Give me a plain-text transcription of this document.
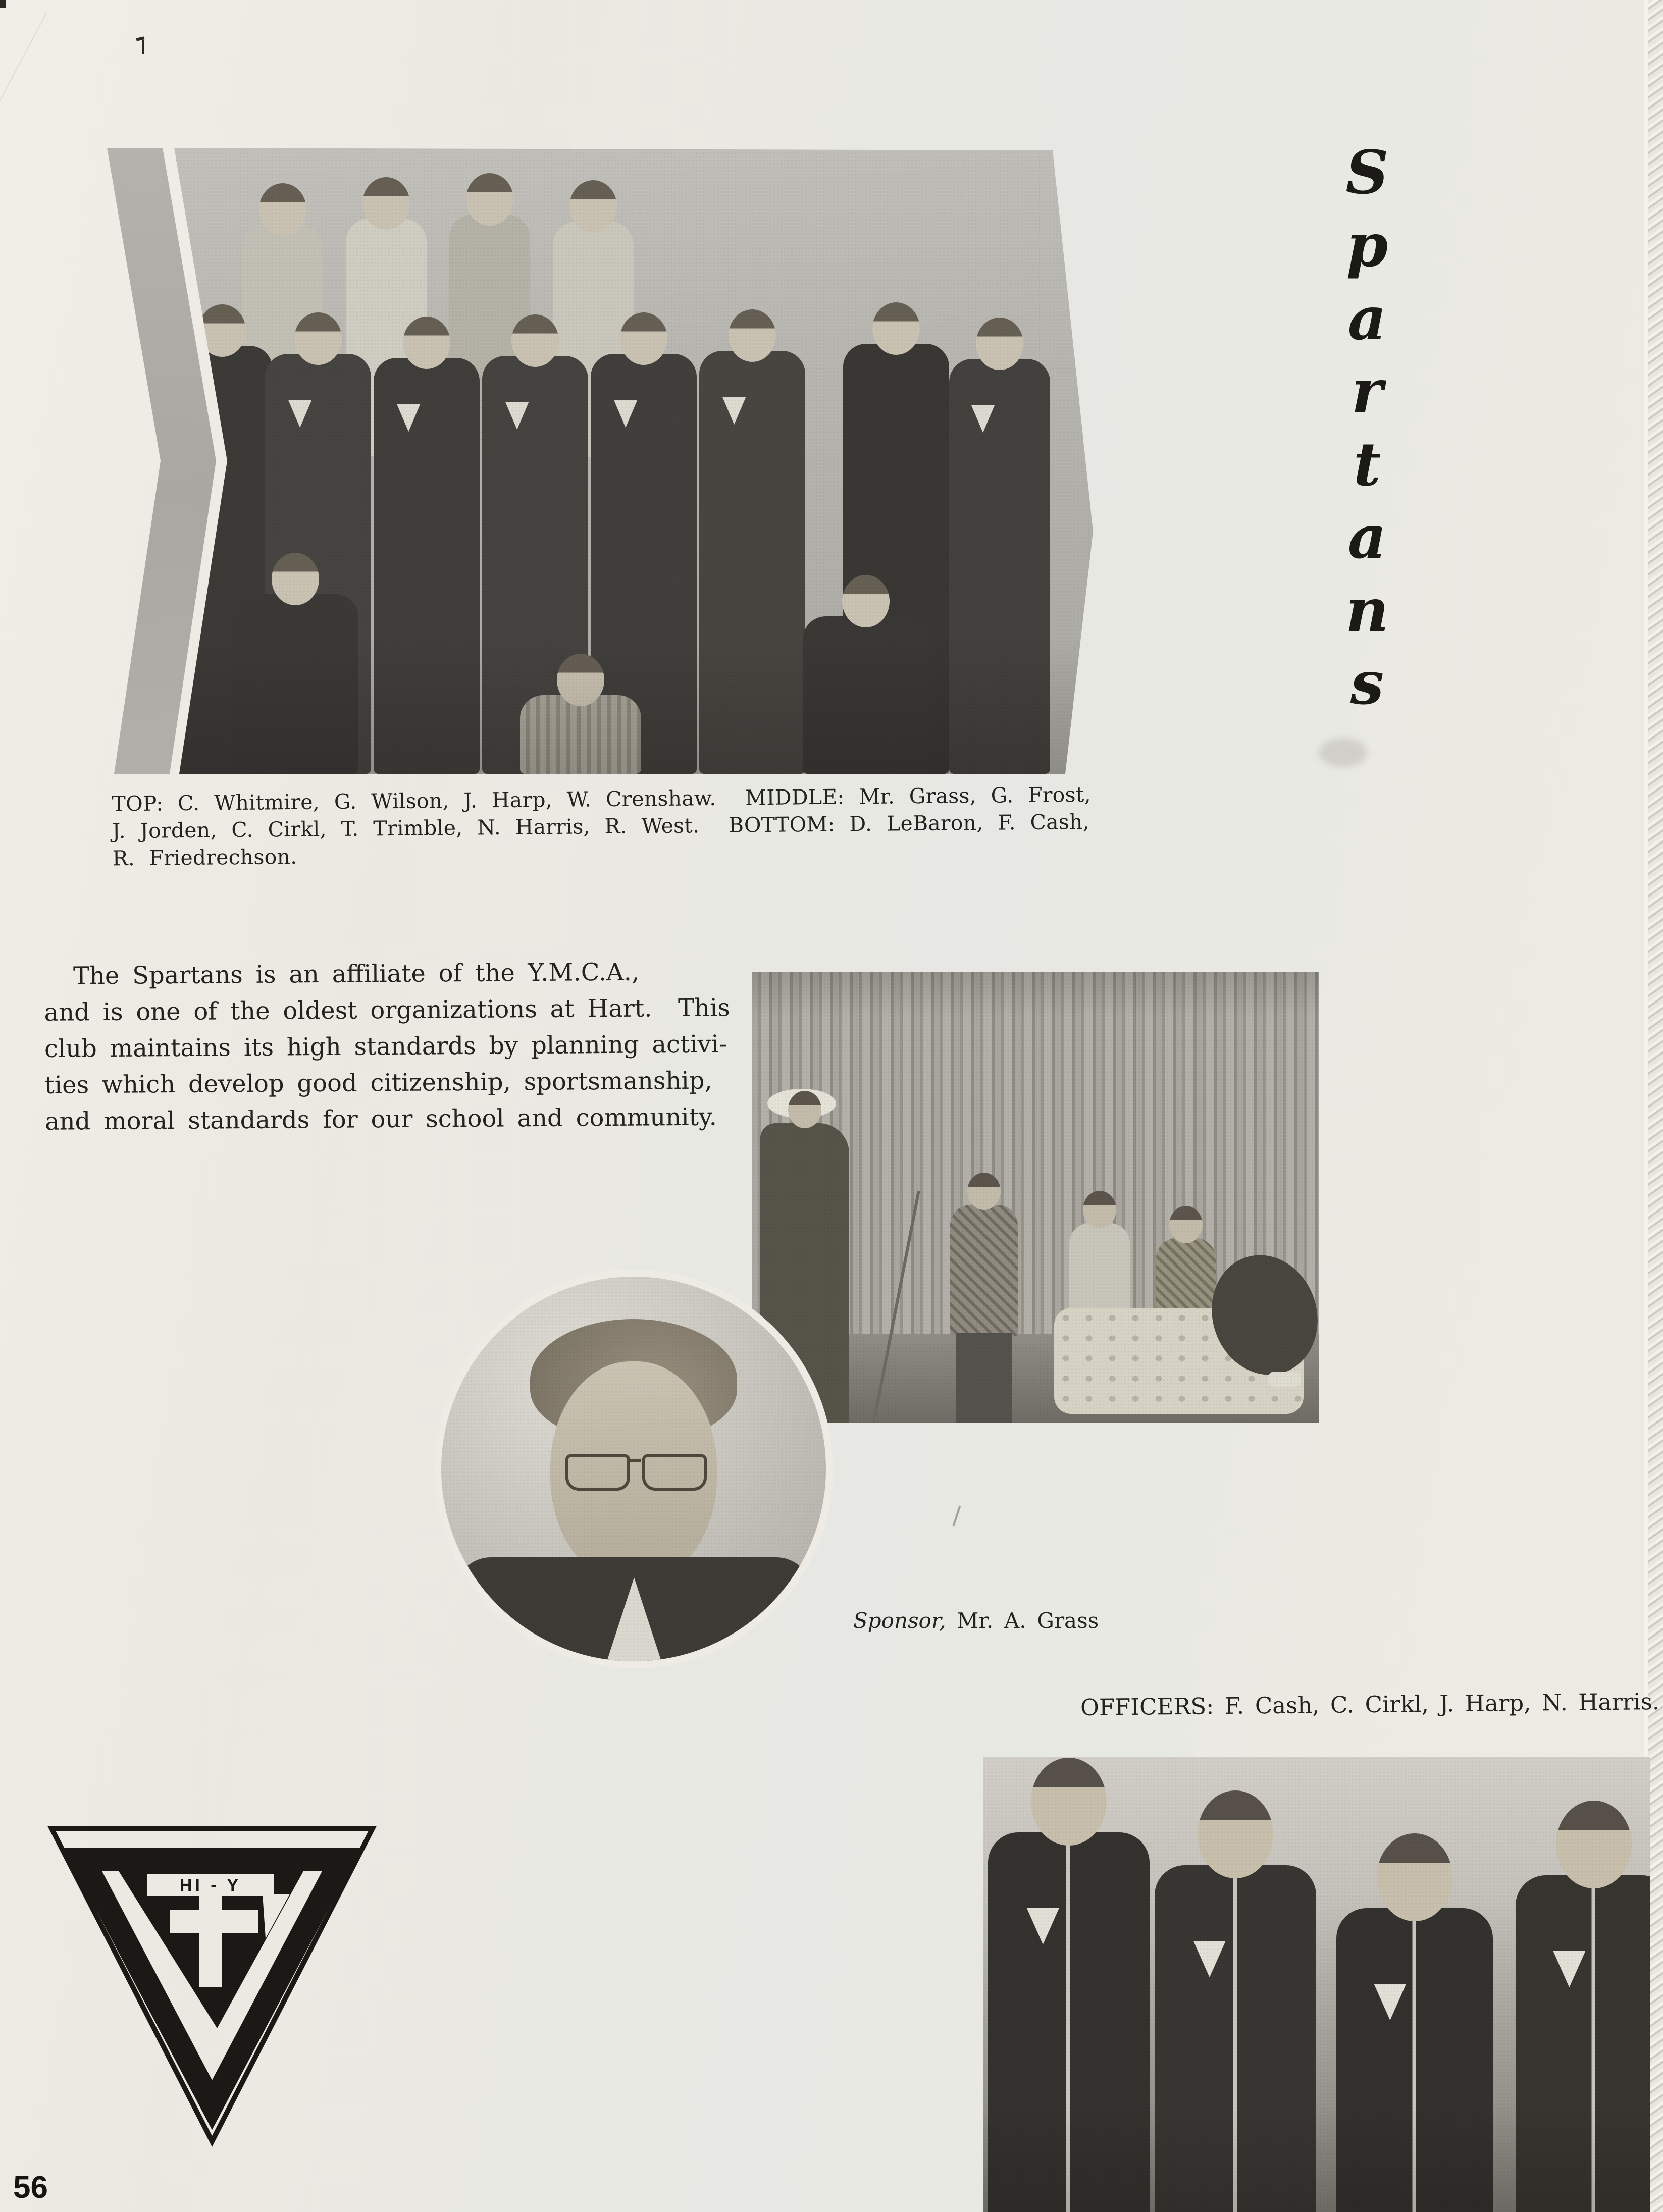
TOP: C. Whitmire, G. Wilson, J. Harp, W. Crenshaw.  MIDDLE: Mr. Grass, G. Frost,
J. Jorden, C. Cirkl, T. Trimble, N. Harris, R. West.  BOTTOM: D. LeBaron, F. Cash,
R. Friedrechson.
S
p
a
r
t
a
n
s
The Spartans is an affiliate of the Y.M.C.A.,
and is one of the oldest organizations at Hart.  This
club maintains its high standards by planning activi-
ties which develop good citizenship, sportsmanship,
and moral standards for our school and community.
Sponsor, Mr. A. Grass
OFFICERS: F. Cash, C. Cirkl, J. Harp, N. Harris.
HI - Y
56
